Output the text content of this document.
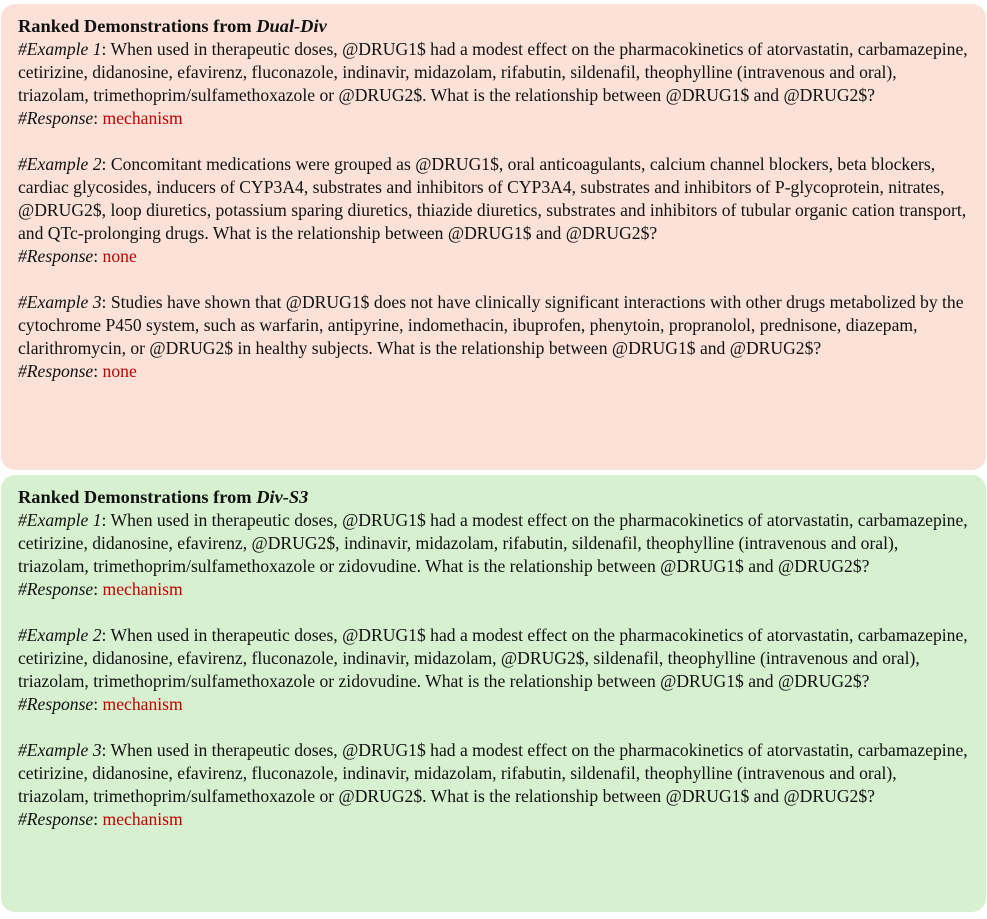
Ranked Demonstrations from Dual-Div

#Example 1: When used in therapeutic doses, @DRUG1$ had a modest effect on the pharmacokinetics of atorvastatin, carbamazepine, cetirizine, didanosine, efavirenz, fluconazole, indinavir, midazolam, rifabutin, sildenafil, theophylline (intravenous and oral), triazolam, trimethoprim/sulfamethoxazole or @DRUG2$. What is the relationship between @DRUG1$ and @DRUG2$?

#Response: mechanism

#Example 2: Concomitant medications were grouped as @DRUG1$, oral anticoagulants, calcium channel blockers, beta blockers, cardiac glycosides, inducers of CYP3A4, substrates and inhibitors of CYP3A4, substrates and inhibitors of P-glycoprotein, nitrates, @DRUG2$, loop diuretics, potassium sparing diuretics, thiazide diuretics, substrates and inhibitors of tubular organic cation transport, and QTc-prolonging drugs. What is the relationship between @DRUG1$ and @DRUG2$?

#Response: none

#Example 3: Studies have shown that @DRUG1$ does not have clinically significant interactions with other drugs metabolized by the cytochrome P450 system, such as warfarin, antipyrine, indomethacin, ibuprofen, phenytoin, propranolol, prednisone, diazepam, clarithromycin, or @DRUG2$ in healthy subjects. What is the relationship between @DRUG1$ and @DRUG2$?

#Response: none

Ranked Demonstrations from Div-S3

#Example 1: When used in therapeutic doses, @DRUG1$ had a modest effect on the pharmacokinetics of atorvastatin, carbamazepine, cetirizine, didanosine, efavirenz, @DRUG2$, indinavir, midazolam, rifabutin, sildenafil, theophylline (intravenous and oral), triazolam, trimethoprim/sulfamethoxazole or zidovudine. What is the relationship between @DRUG1$ and @DRUG2$?

#Response: mechanism

#Example 2: When used in therapeutic doses, @DRUG1$ had a modest effect on the pharmacokinetics of atorvastatin, carbamazepine, cetirizine, didanosine, efavirenz, fluconazole, indinavir, midazolam, @DRUG2$, sildenafil, theophylline (intravenous and oral), triazolam, trimethoprim/sulfamethoxazole or zidovudine. What is the relationship between @DRUG1$ and @DRUG2$?

#Response: mechanism

#Example 3: When used in therapeutic doses, @DRUG1$ had a modest effect on the pharmacokinetics of atorvastatin, carbamazepine, cetirizine, didanosine, efavirenz, fluconazole, indinavir, midazolam, rifabutin, sildenafil, theophylline (intravenous and oral), triazolam, trimethoprim/sulfamethoxazole or @DRUG2$. What is the relationship between @DRUG1$ and @DRUG2$?

#Response: mechanism
